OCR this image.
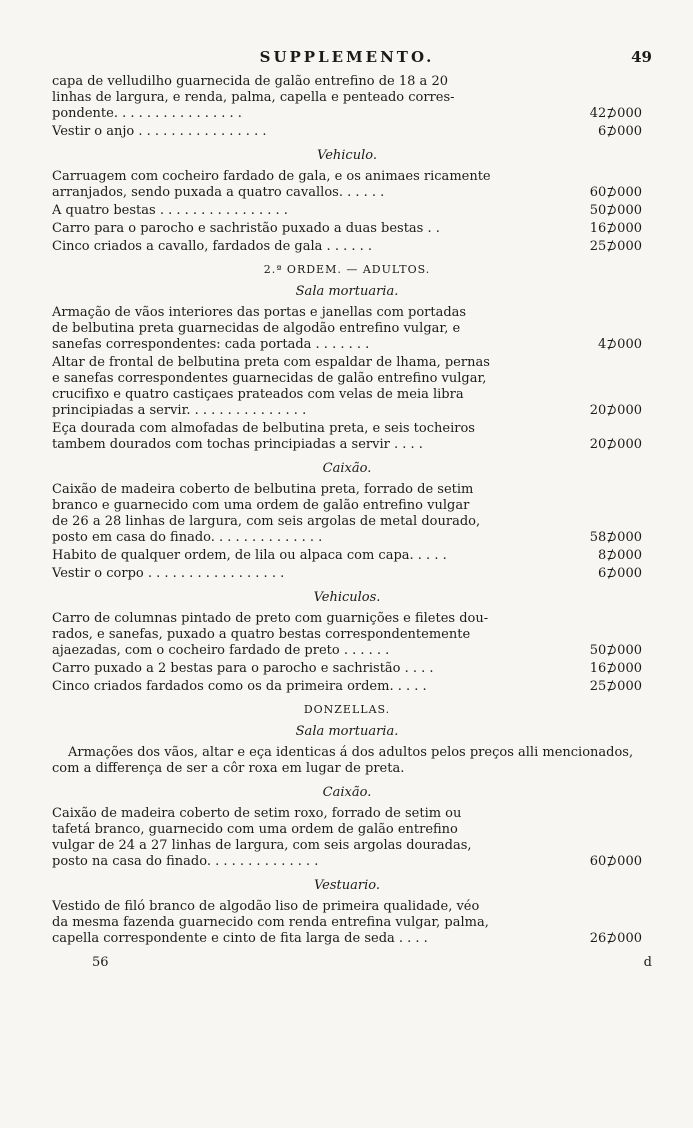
SUPPLEMENTO.	49
capa de velludilho guarnecida de galão entrefino de 18 a 20
linhas de largura, e renda, palma, capella e penteado corres-
pondente. . . . . . . . . . . . . . . .	42⊅000
Vestir o anjo . . . . . . . . . . . . . . . .	6⊅000
Vehiculo.
Carruagem com cocheiro fardado de gala, e os animaes ricamente
arranjados, sendo puxada a quatro cavallos. . . . . .	60⊅000
A quatro bestas . . . . . . . . . . . . . . . .	50⊅000
Carro para o parocho e sachristão puxado a duas bestas . .	16⊅000
Cinco criados a cavallo, fardados de gala . . . . . .	25⊅000
2.ª ORDEM. — ADULTOS.
Sala mortuaria.
Armação de vãos interiores das portas e janellas com portadas
de belbutina preta guarnecidas de algodão entrefino vulgar, e
sanefas correspondentes: cada portada . . . . . . .	4⊅000
Altar de frontal de belbutina preta com espaldar de lhama, pernas
e sanefas correspondentes guarnecidas de galão entrefino vulgar,
crucifixo e quatro castiçaes prateados com velas de meia libra
principiadas a servir. . . . . . . . . . . . . . .	20⊅000
Eça dourada com almofadas de belbutina preta, e seis tocheiros
tambem dourados com tochas principiadas a servir . . . .	20⊅000
Caixão.
Caixão de madeira coberto de belbutina preta, forrado de setim
branco e guarnecido com uma ordem de galão entrefino vulgar
de 26 a 28 linhas de largura, com seis argolas de metal dourado,
posto em casa do finado. . . . . . . . . . . . . .	58⊅000
Habito de qualquer ordem, de lila ou alpaca com capa. . . . .	8⊅000
Vestir o corpo . . . . . . . . . . . . . . . . .	6⊅000
Vehiculos.
Carro de columnas pintado de preto com guarnições e filetes dou-
rados, e sanefas, puxado a quatro bestas correspondentemente
ajaezadas, com o cocheiro fardado de preto . . . . . .	50⊅000
Carro puxado a 2 bestas para o parocho e sachristão . . . .	16⊅000
Cinco criados fardados como os da primeira ordem. . . . .	25⊅000
DONZELLAS.
Sala mortuaria.
Armações dos vãos, altar e eça identicas á dos adultos pelos preços alli mencionados, com a differença de ser a côr roxa em lugar de preta.
Caixão.
Caixão de madeira coberto de setim roxo, forrado de setim ou
tafetá branco, guarnecido com uma ordem de galão entrefino
vulgar de 24 a 27 linhas de largura, com seis argolas douradas,
posto na casa do finado. . . . . . . . . . . . . .	60⊅000
Vestuario.
Vestido de filó branco de algodão liso de primeira qualidade, véo
da mesma fazenda guarnecido com renda entrefina vulgar, palma,
capella correspondente e cinto de fita larga de seda . . . .	26⊅000
56	d
